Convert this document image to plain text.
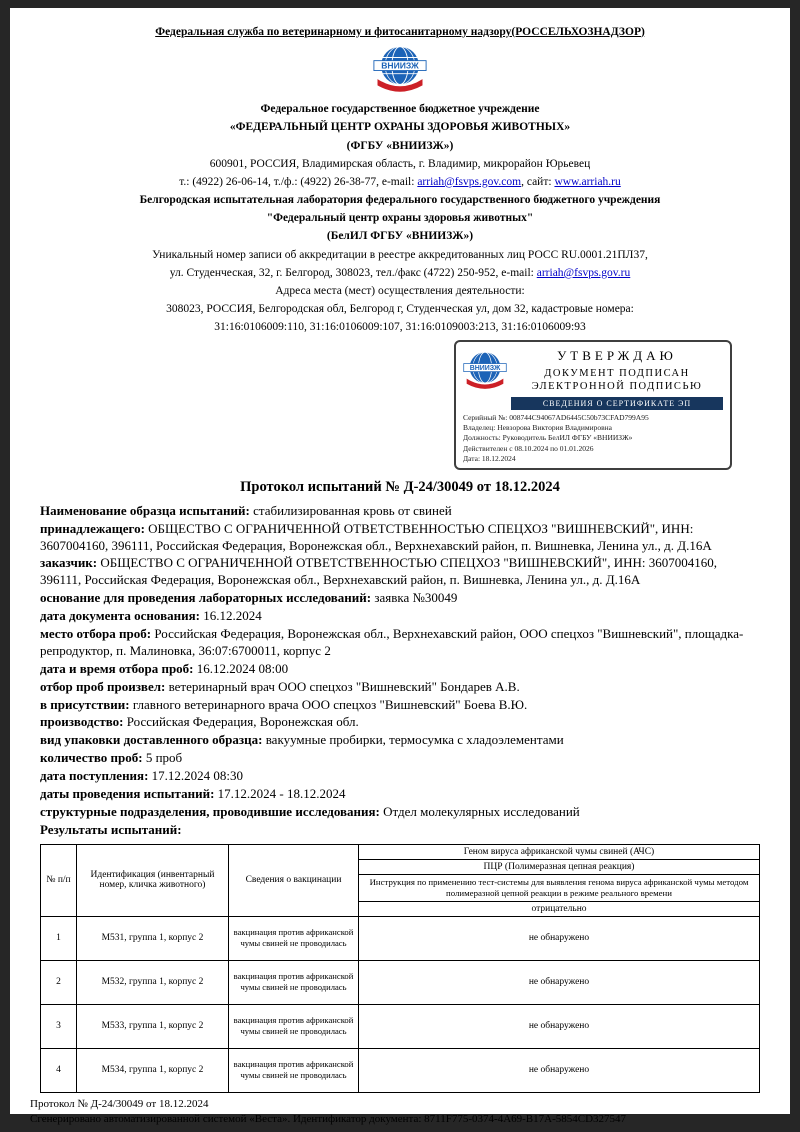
Федеральная служба по ветеринарному и фитосанитарному надзору(РОССЕЛЬХОЗНАДЗОР)
ВНИИЗЖ
Федеральное государственное бюджетное учреждение
«ФЕДЕРАЛЬНЫЙ ЦЕНТР ОХРАНЫ ЗДОРОВЬЯ ЖИВОТНЫХ»
(ФГБУ «ВНИИЗЖ»)
600901, РОССИЯ, Владимирская область, г. Владимир, микрорайон Юрьевец
т.: (4922) 26-06-14, т./ф.: (4922) 26-38-77, e-mail: arriah@fsvps.gov.com, сайт: www.arriah.ru
Белгородская испытательная лаборатория федерального государственного бюджетного учреждения
"Федеральный центр охраны здоровья животных"
(БелИЛ ФГБУ «ВНИИЗЖ»)
Уникальный номер записи об аккредитации в реестре аккредитованных лиц РОСС RU.0001.21ПЛ37,
ул. Студенческая, 32, г. Белгород, 308023, тел./факс (4722) 250-952, e-mail: arriah@fsvps.gov.ru
Адреса места (мест) осуществления деятельности:
308023, РОССИЯ, Белгородская обл, Белгород г, Студенческая ул, дом 32, кадастровые номера:
31:16:0106009:110, 31:16:0106009:107, 31:16:0109003:213, 31:16:0106009:93
ВНИИЗЖ
УТВЕРЖДАЮ
ДОКУМЕНТ ПОДПИСАН
ЭЛЕКТРОННОЙ ПОДПИСЬЮ
СВЕДЕНИЯ О СЕРТИФИКАТЕ ЭП
Серийный №: 008744C94067AD6445C50b73CFAD799A95
Владелец: Невзорова Виктория Владимировна
Должность: Руководитель БелИЛ ФГБУ «ВНИИЗЖ»
Действителен с 08.10.2024 по 01.01.2026
Дата: 18.12.2024
Протокол испытаний № Д-24/30049 от 18.12.2024

Наименование образца испытаний: стабилизированная кровь от свиней

принадлежащего: ОБЩЕСТВО С ОГРАНИЧЕННОЙ ОТВЕТСТВЕННОСТЬЮ СПЕЦХОЗ "ВИШНЕВСКИЙ", ИНН: 3607004160, 396111, Российская Федерация, Воронежская обл., Верхнехавский район, п. Вишневка, Ленина ул., д. Д.16А

заказчик: ОБЩЕСТВО С ОГРАНИЧЕННОЙ ОТВЕТСТВЕННОСТЬЮ СПЕЦХОЗ "ВИШНЕВСКИЙ", ИНН: 3607004160, 396111, Российская Федерация, Воронежская обл., Верхнехавский район, п. Вишневка, Ленина ул., д. Д.16А

основание для проведения лабораторных исследований: заявка №30049

дата документа основания: 16.12.2024

место отбора проб: Российская Федерация, Воронежская обл., Верхнехавский район, ООО спецхоз "Вишневский", площадка-репродуктор, п. Малиновка, 36:07:6700011, корпус 2

дата и время отбора проб: 16.12.2024 08:00

отбор проб произвел: ветеринарный врач ООО спецхоз "Вишневский" Бондарев А.В.

в присутствии: главного ветеринарного врача ООО спецхоз "Вишневский" Боева В.Ю.

производство: Российская Федерация, Воронежская обл.

вид упаковки доставленного образца: вакуумные пробирки, термосумка с хладоэлементами

количество проб: 5 проб

дата поступления: 17.12.2024 08:30

даты проведения испытаний: 17.12.2024 - 18.12.2024

структурные подразделения, проводившие исследования: Отдел молекулярных исследований

Результаты испытаний:

№ п/п	Идентификация (инвентарный номер, кличка животного)	Сведения о вакцинации	Геном вируса африканской чумы свиней (АЧС)
			ПЦР (Полимеразная цепная реакция)
			Инструкция по применению тест-системы для выявления генома вируса африканской чумы методом полимеразной цепной реакции в режиме реального времени
			отрицательно
1	М531, группа 1, корпус 2	вакцинация против африканской чумы свиней не проводилась	не обнаружено
2	М532, группа 1, корпус 2	вакцинация против африканской чумы свиней не проводилась	не обнаружено
3	М533, группа 1, корпус 2	вакцинация против африканской чумы свиней не проводилась	не обнаружено
4	М534, группа 1, корпус 2	вакцинация против африканской чумы свиней не проводилась	не обнаружено
Протокол № Д-24/30049 от 18.12.2024
Сгенерировано автоматизированной системой «Веста». Идентификатор документа: 8711F775-0374-4A69-B17A-5854CD327547
